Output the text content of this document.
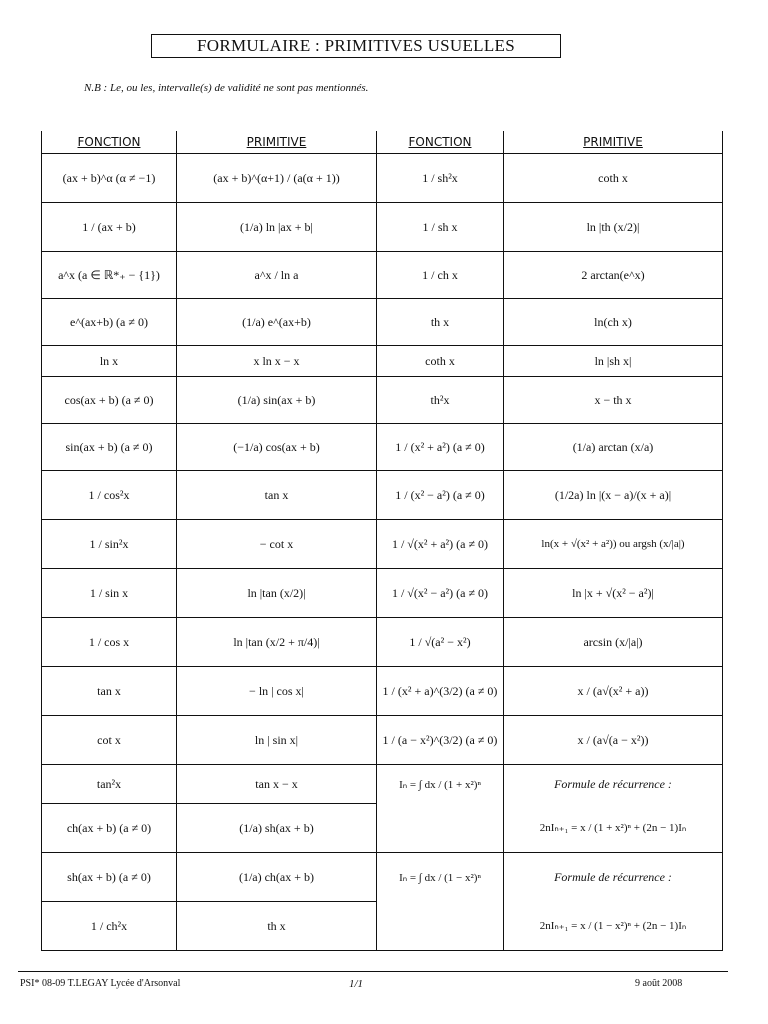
FORMULAIRE : PRIMITIVES USUELLES
N.B : Le, ou les, intervalle(s) de validité ne sont pas mentionnés.
FONCTION	PRIMITIVE	FONCTION	PRIMITIVE
(ax + b)^α (α ≠ −1)	(ax + b)^(α+1) / (a(α + 1))	1 / sh²x	coth x
1 / (ax + b)	(1/a) ln |ax + b|	1 / sh x	ln |th (x/2)|
a^x (a ∈ ℝ*₊ − {1})	a^x / ln a	1 / ch x	2 arctan(e^x)
e^(ax+b) (a ≠ 0)	(1/a) e^(ax+b)	th x	ln(ch x)
ln x	x ln x − x	coth x	ln |sh x|
cos(ax + b) (a ≠ 0)	(1/a) sin(ax + b)	th²x	x − th x
sin(ax + b) (a ≠ 0)	(−1/a) cos(ax + b)	1 / (x² + a²) (a ≠ 0)	(1/a) arctan (x/a)
1 / cos²x	tan x	1 / (x² − a²) (a ≠ 0)	(1/2a) ln |(x − a)/(x + a)|
1 / sin²x	− cot x	1 / √(x² + a²) (a ≠ 0)	ln(x + √(x² + a²)) ou argsh (x/|a|)
1 / sin x	ln |tan (x/2)|	1 / √(x² − a²) (a ≠ 0)	ln |x + √(x² − a²)|
1 / cos x	ln |tan (x/2 + π/4)|	1 / √(a² − x²)	arcsin (x/|a|)
tan x	− ln | cos x|	1 / (x² + a)^(3/2) (a ≠ 0)	x / (a√(x² + a))
cot x	ln | sin x|	1 / (a − x²)^(3/2) (a ≠ 0)	x / (a√(a − x²))
tan²x	tan x − x	Iₙ = ∫ dx / (1 + x²)ⁿ	Formule de récurrence :
ch(ax + b) (a ≠ 0)	(1/a) sh(ax + b)		2nIₙ₊₁ = x / (1 + x²)ⁿ + (2n − 1)Iₙ
sh(ax + b) (a ≠ 0)	(1/a) ch(ax + b)	Iₙ = ∫ dx / (1 − x²)ⁿ	Formule de récurrence :
1 / ch²x	th x		2nIₙ₊₁ = x / (1 − x²)ⁿ + (2n − 1)Iₙ
PSI* 08-09 T.LEGAY Lycée d'Arsonval	1/1	9 août 2008
